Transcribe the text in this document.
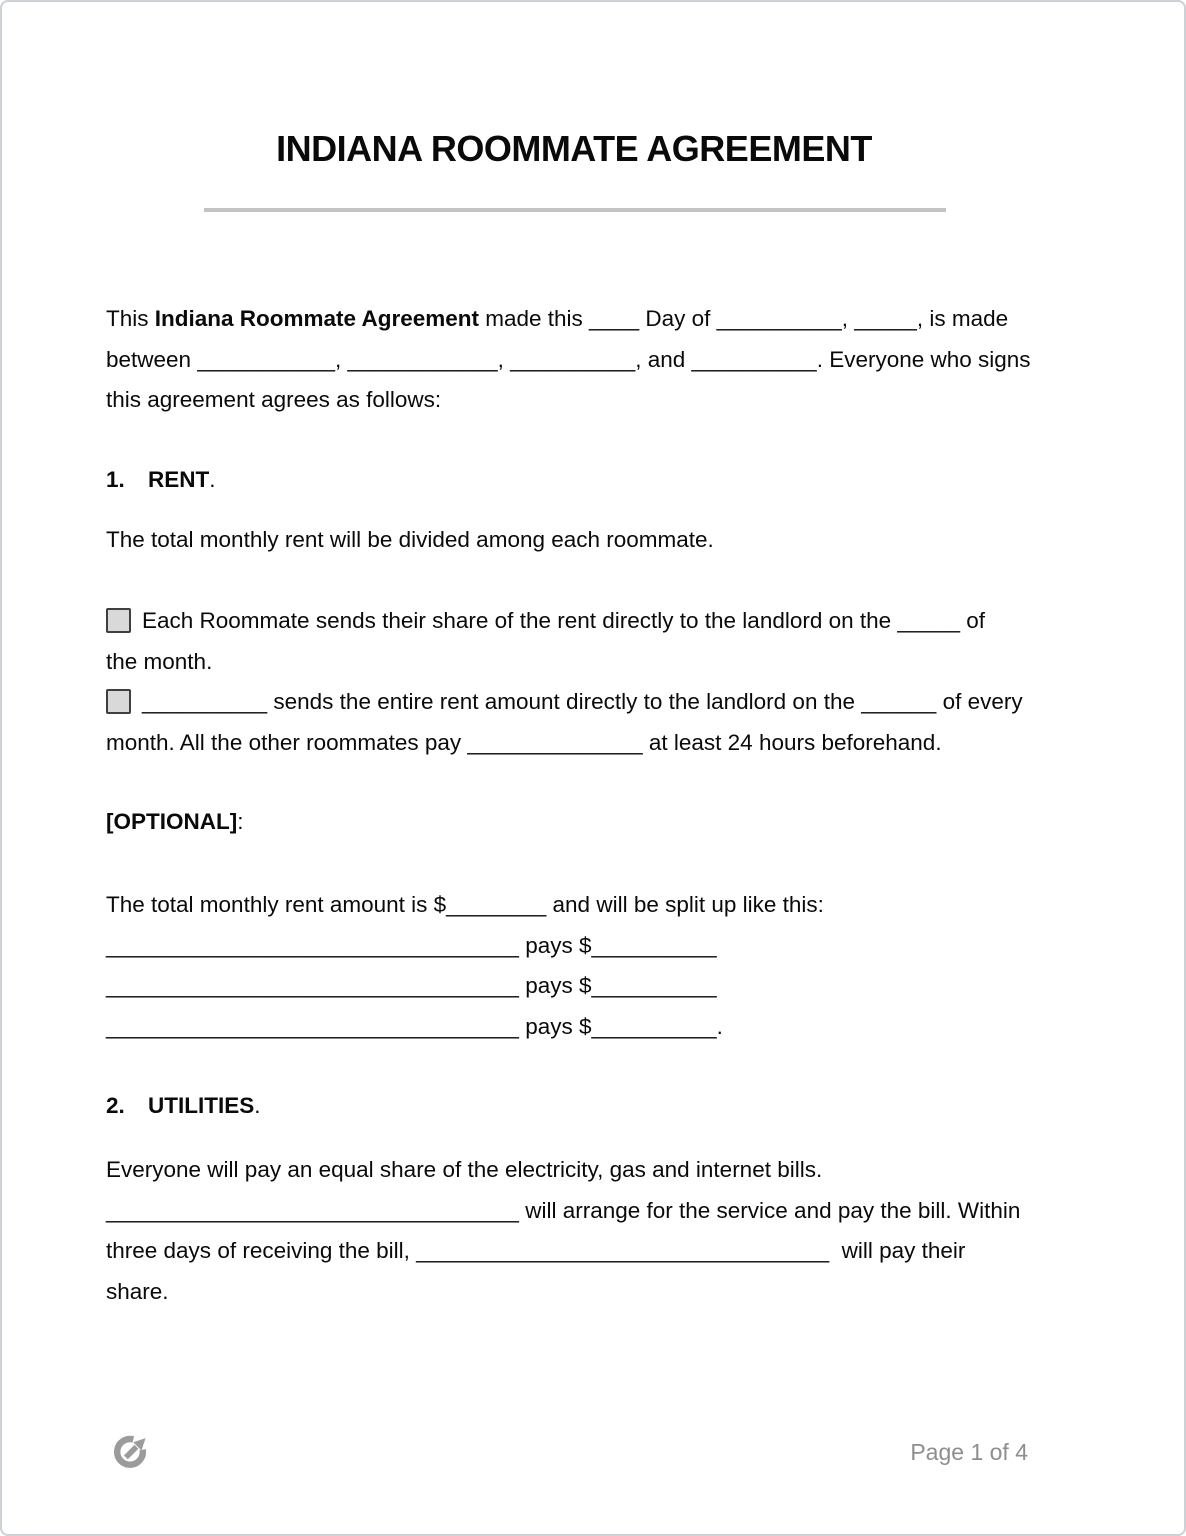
INDIANA ROOMMATE AGREEMENT
This Indiana Roommate Agreement made this ____ Day of __________, _____, is made
between ___________, ____________, __________, and __________. Everyone who signs
this agreement agrees as follows:
1. RENT.
The total monthly rent will be divided among each roommate.
Each Roommate sends their share of the rent directly to the landlord on the _____ of
the month.
__________ sends the entire rent amount directly to the landlord on the ______ of every
month. All the other roommates pay ______________ at least 24 hours beforehand.
[OPTIONAL]:
The total monthly rent amount is $________ and will be split up like this:
_________________________________ pays $__________
_________________________________ pays $__________
_________________________________ pays $__________.
2. UTILITIES.
Everyone will pay an equal share of the electricity, gas and internet bills.
_________________________________ will arrange for the service and pay the bill. Within
three days of receiving the bill, _________________________________  will pay their
share.
Page 1 of 4
